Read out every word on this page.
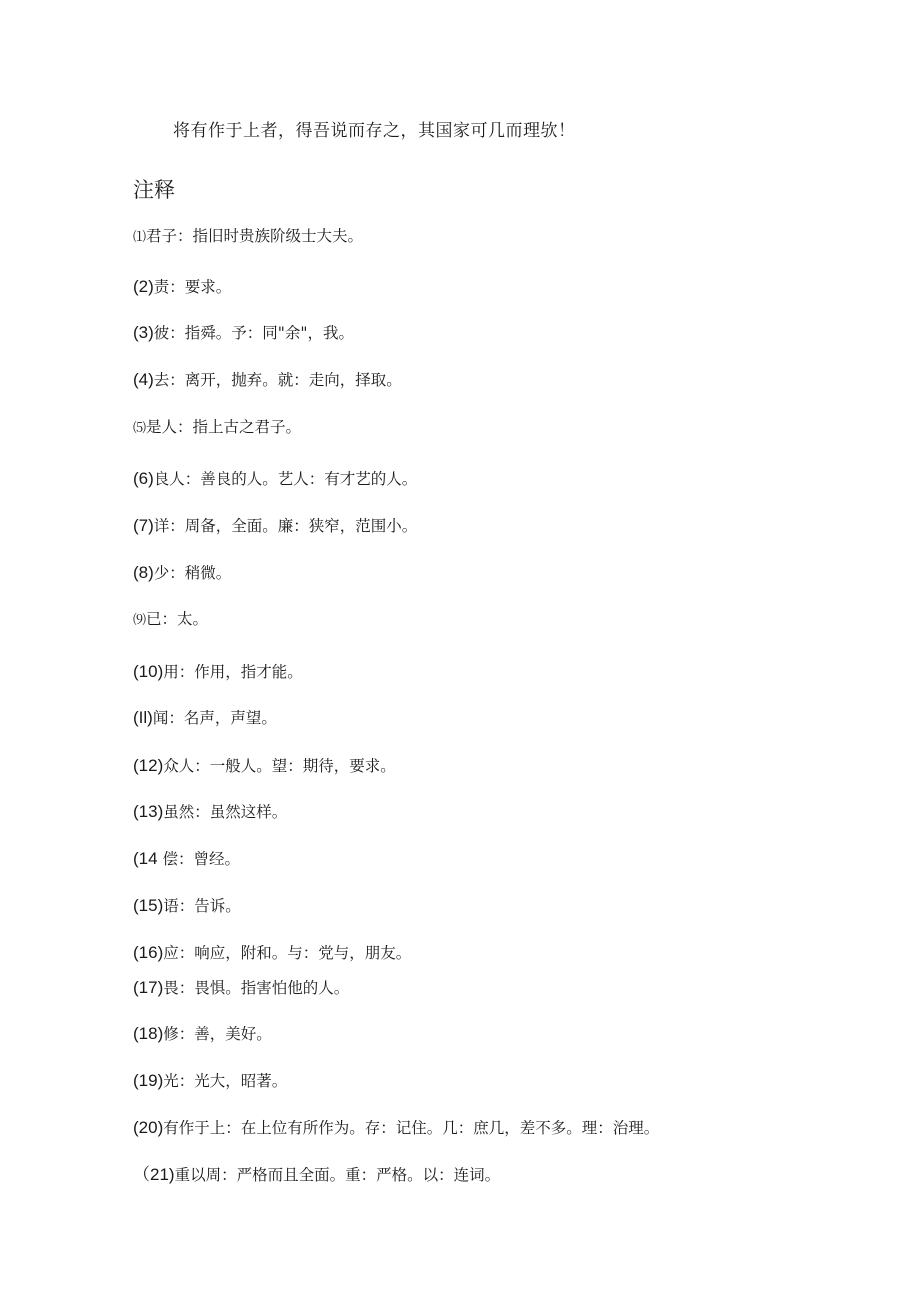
将有作于上者，得吾说而存之，其国家可几而理欤！
注释
⑴君子：指旧时贵族阶级士大夫。
(2)责：要求。
(3)彼：指舜。予：同"余"，我。
(4)去：离开，抛弃。就：走向，择取。
⑸是人：指上古之君子。
(6)良人：善良的人。艺人：有才艺的人。
(7)详：周备，全面。廉：狭窄，范围小。
(8)少：稍微。
⑼已：太。
(10)用：作用，指才能。
(Il)闻：名声，声望。
(12)众人：一般人。望：期待，要求。
(13)虽然：虽然这样。
(14 偿：曾经。
(15)语：告诉。
(16)应：响应，附和。与：党与，朋友。
(17)畏：畏惧。指害怕他的人。
(18)修：善，美好。
(19)光：光大，昭著。
(20)有作于上：在上位有所作为。存：记住。几：庶几，差不多。理：治理。
（21)重以周：严格而且全面。重：严格。以：连词。
